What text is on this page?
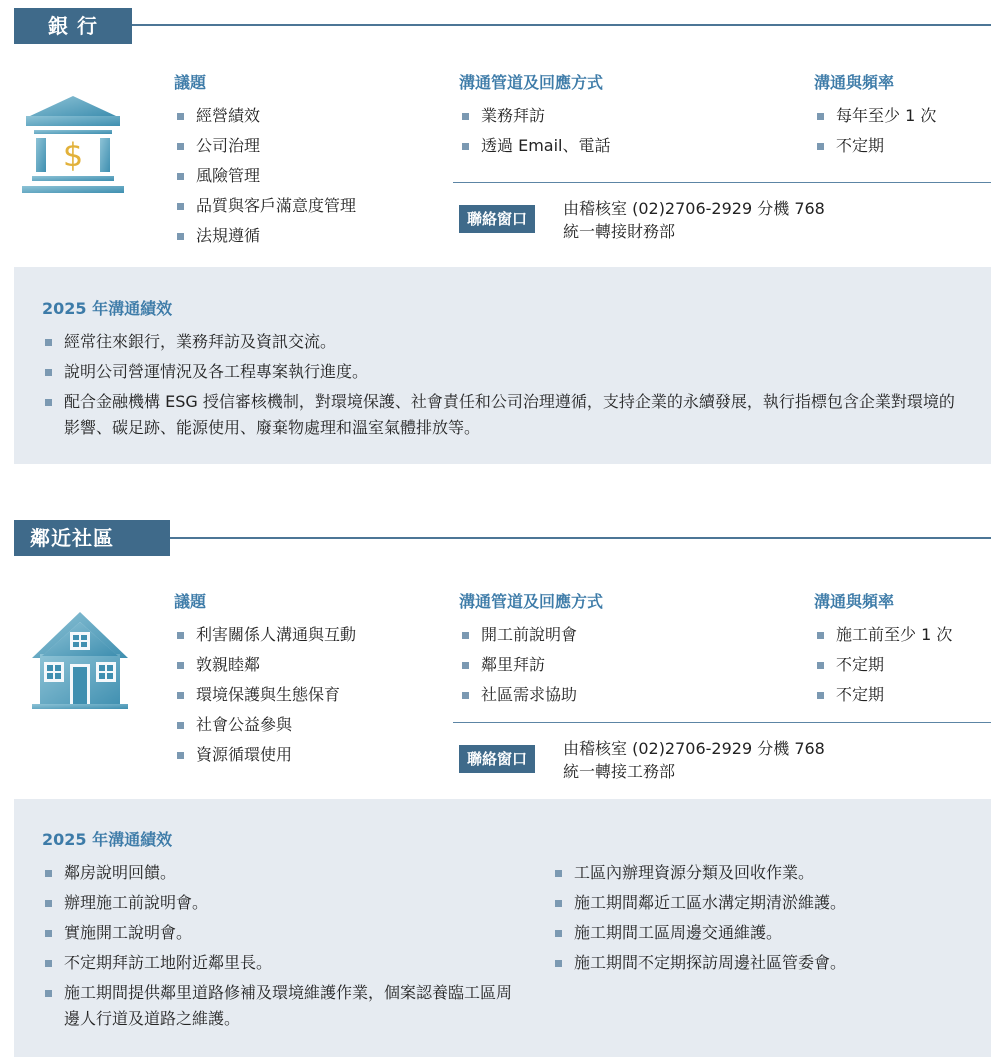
銀 行
$
議題
經營績效
公司治理
風險管理
品質與客戶滿意度管理
法規遵循
溝通管道及回應方式
業務拜訪
透過 Email、電話
溝通與頻率
每年至少 1 次
不定期
聯絡窗口
由稽核室 (02)2706-2929 分機 768
統一轉接財務部
2025 年溝通績效
經常往來銀行，業務拜訪及資訊交流。
說明公司營運情況及各工程專案執行進度。
配合金融機構 ESG 授信審核機制，對環境保護、社會責任和公司治理遵循，支持企業的永續發展，執行指標包含企業對環境的影響、碳足跡、能源使用、廢棄物處理和溫室氣體排放等。
鄰近社區
議題
利害關係人溝通與互動
敦親睦鄰
環境保護與生態保育
社會公益參與
資源循環使用
溝通管道及回應方式
開工前說明會
鄰里拜訪
社區需求協助
溝通與頻率
施工前至少 1 次
不定期
不定期
聯絡窗口
由稽核室 (02)2706-2929 分機 768
統一轉接工務部
2025 年溝通績效
鄰房說明回饋。
辦理施工前說明會。
實施開工說明會。
不定期拜訪工地附近鄰里長。
施工期間提供鄰里道路修補及環境維護作業，個案認養臨工區周邊人行道及道路之維護。
工區內辦理資源分類及回收作業。
施工期間鄰近工區水溝定期清淤維護。
施工期間工區周邊交通維護。
施工期間不定期探訪周邊社區管委會。
